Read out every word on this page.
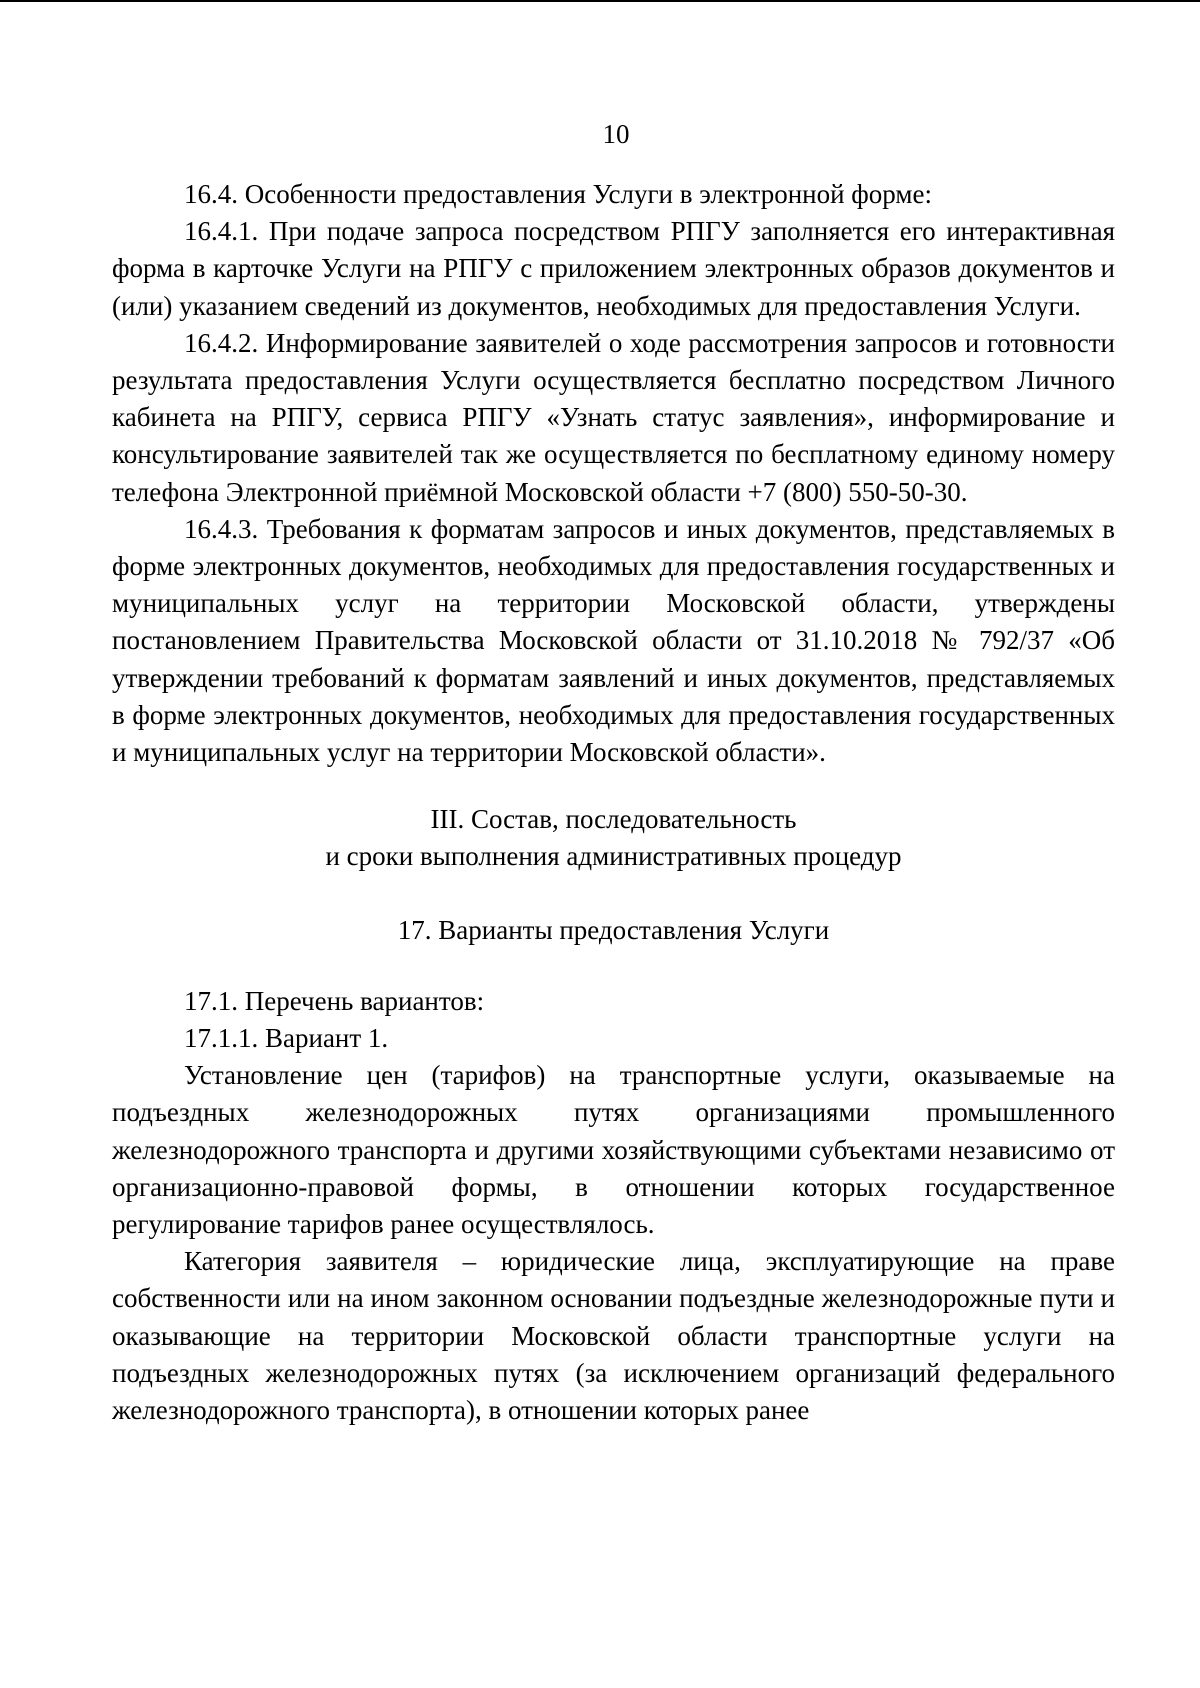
10

16.4. Особенности предоставления Услуги в электронной форме:

16.4.1. При подаче запроса посредством РПГУ заполняется его интерактивная форма в карточке Услуги на РПГУ с приложением электронных образов документов и (или) указанием сведений из документов, необходимых для предоставления Услуги.

16.4.2. Информирование заявителей о ходе рассмотрения запросов и готовности результата предоставления Услуги осуществляется бесплатно посредством Личного кабинета на РПГУ, сервиса РПГУ «Узнать статус заявления», информирование и консультирование заявителей так же осуществляется по бесплатному единому номеру телефона Электронной приёмной Московской области +7 (800) 550-50-30.

16.4.3. Требования к форматам запросов и иных документов, представляемых в форме электронных документов, необходимых для предоставления государственных и муниципальных услуг на территории Московской области, утверждены постановлением Правительства Московской области от 31.10.2018 № 792/37 «Об утверждении требований к форматам заявлений и иных документов, представляемых в форме электронных документов, необходимых для предоставления государственных и муниципальных услуг на территории Московской области».

III. Состав, последовательность

и сроки выполнения административных процедур

17. Варианты предоставления Услуги

17.1. Перечень вариантов:

17.1.1. Вариант 1.

Установление цен (тарифов) на транспортные услуги, оказываемые на подъездных железнодорожных путях организациями промышленного железнодорожного транспорта и другими хозяйствующими субъектами независимо от организационно-правовой формы, в отношении которых государственное регулирование тарифов ранее осуществлялось.

Категория заявителя – юридические лица, эксплуатирующие на праве собственности или на ином законном основании подъездные железнодорожные пути и оказывающие на территории Московской области транспортные услуги на подъездных железнодорожных путях (за исключением организаций федерального железнодорожного транспорта), в отношении которых ранее
